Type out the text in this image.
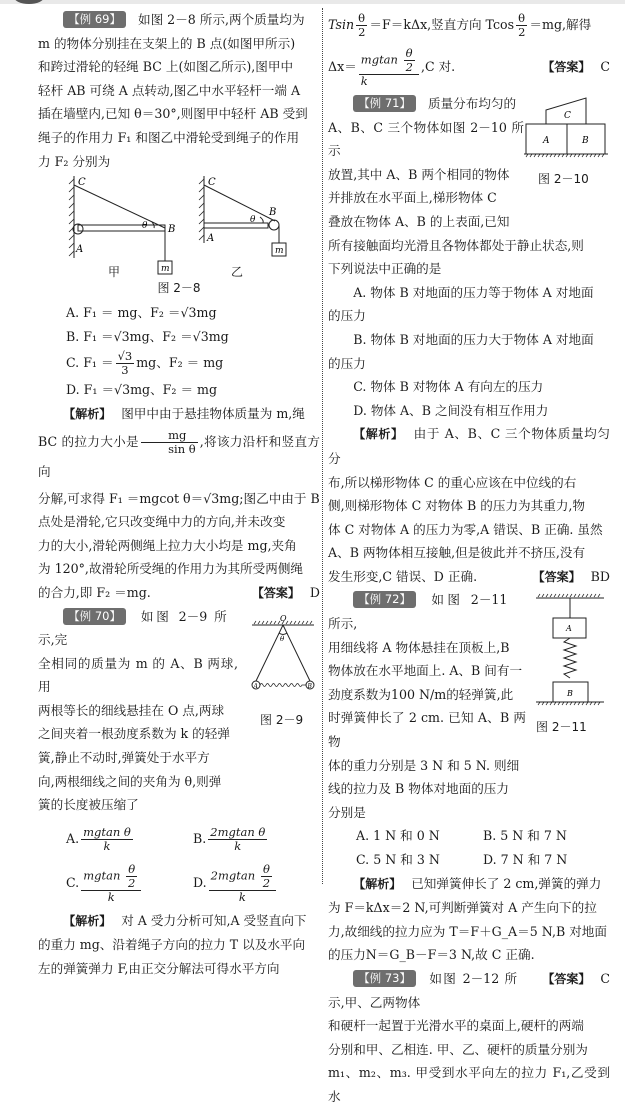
【例 69】 如图 2－8 所示,两个质量均为
m 的物体分别挂在支架上的 B 点(如图甲所示)
和跨过滑轮的轻绳 BC 上(如图乙所示),图甲中
轻杆 AB 可绕 A 点转动,图乙中水平轻杆一端 A
插在墙壁内,已知 θ＝30°,则图甲中轻杆 AB 受到
绳子的作用力 F₁ 和图乙中滑轮受到绳子的作用
力 F₂ 分别为

C
A
B
θ
m
C
A
B
θ
m
甲	乙
图 2－8

A. F₁ ＝ mg、F₂ ＝√3mg

B. F₁ ＝√3mg、F₂ ＝√3mg

C. $F_1 = \frac{√3}{3}$ mg、F₂ ＝ mg

D. F₁ ＝√3mg、F₂ ＝ mg

【解析】 图甲中由于悬挂物体质量为 m,绳
BC 的拉力大小是 $\frac{mg}{\text{sin θ}}$ ,将该力沿杆和竖直方向
分解,可求得 F₁ ＝mgcot θ＝√3mg;图乙中由于 B
点处是滑轮,它只改变绳中力的方向,并未改变
力的大小,滑轮两侧绳上拉力大小均是 mg,夹角
为 120°,故滑轮所受绳的作用力为其所受两侧绳
的合力,即 F₂ ＝mg.	【答案】 D

【例 70】 如图 2－9 所示,完
全相同的质量为 m 的 A、B 两球,用
两根等长的细线悬挂在 O 点,两球
之间夹着一根劲度系数为 k 的轻弹
簧,静止不动时,弹簧处于水平方
向,两根细线之间的夹角为 θ,则弹
簧的长度被压缩了

O
θ
A	B
图 2－9
A. $\frac{\text{mgtan θ}}{k}$	B. $\frac{\text{2mgtan θ}}{k}$
C. $\frac{mgtan \frac{\theta}{2}}{k}$	D. $\frac{2mgtan \frac{\theta}{2}}{k}$

【解析】 对 A 受力分析可知,A 受竖直向下
的重力 mg、沿着绳子方向的拉力 T 以及水平向
左的弹簧弹力 F,由正交分解法可得水平方向

Tsin $\frac{\theta}{2} =F=k\Delta x$,竖直方向 Tcos $\frac{\theta}{2} =mg$,解得

$\Delta x= \frac{mgtan \frac{\theta}{2}}{k} ,C$ 对.	【答案】 C

【例 71】 质量分布均匀的
A、B、C 三个物体如图 2－10 所示
放置,其中 A、B 两个相同的物体
并排放在水平面上,梯形物体 C
叠放在物体 A、B 的上表面,已知

C
A	B
图 2－10

所有接触面均光滑且各物体都处于静止状态,则
下列说法中正确的是

A. 物体 B 对地面的压力等于物体 A 对地面

的压力

B. 物体 B 对地面的压力大于物体 A 对地面

的压力

C. 物体 B 对物体 A 有向左的压力

D. 物体 A、B 之间没有相互作用力

【解析】 由于 A、B、C 三个物体质量均匀分
布,所以梯形物体 C 的重心应该在中位线的右
侧,则梯形物体 C 对物体 B 的压力为其重力,物
体 C 对物体 A 的压力为零,A 错误、B 正确. 虽然
A、B 两物体相互接触,但是彼此并不挤压,没有
发生形变,C 错误、D 正确.	【答案】 BD

【例 72】 如图 2－11 所示,
用细线将 A 物体悬挂在顶板上,B
物体放在水平地面上. A、B 间有一
劲度系数为100 N/m的轻弹簧,此
时弹簧伸长了 2 cm. 已知 A、B 两物
体的重力分别是 3 N 和 5 N. 则细
线的拉力及 B 物体对地面的压力
分别是

A
B
图 2－11
A. 1 N 和 0 N	B. 5 N 和 7 N
C. 5 N 和 3 N	D. 7 N 和 7 N

【解析】 已知弹簧伸长了 2 cm,弹簧的弹力
为 F＝kΔx＝2 N,可判断弹簧对 A 产生向下的拉
力,故细线的拉力应为 T＝F＋G_A＝5 N,B 对地面
的压力N＝G_B－F＝3 N,故 C 正确.
【答案】 C

【例 73】 如图 2－12 所示,甲、乙两物体
和硬杆一起置于光滑水平的桌面上,硬杆的两端
分别和甲、乙相连. 甲、乙、硬杆的质量分别为
m₁、m₂、m₃. 甲受到水平向左的拉力 F₁,乙受到水
